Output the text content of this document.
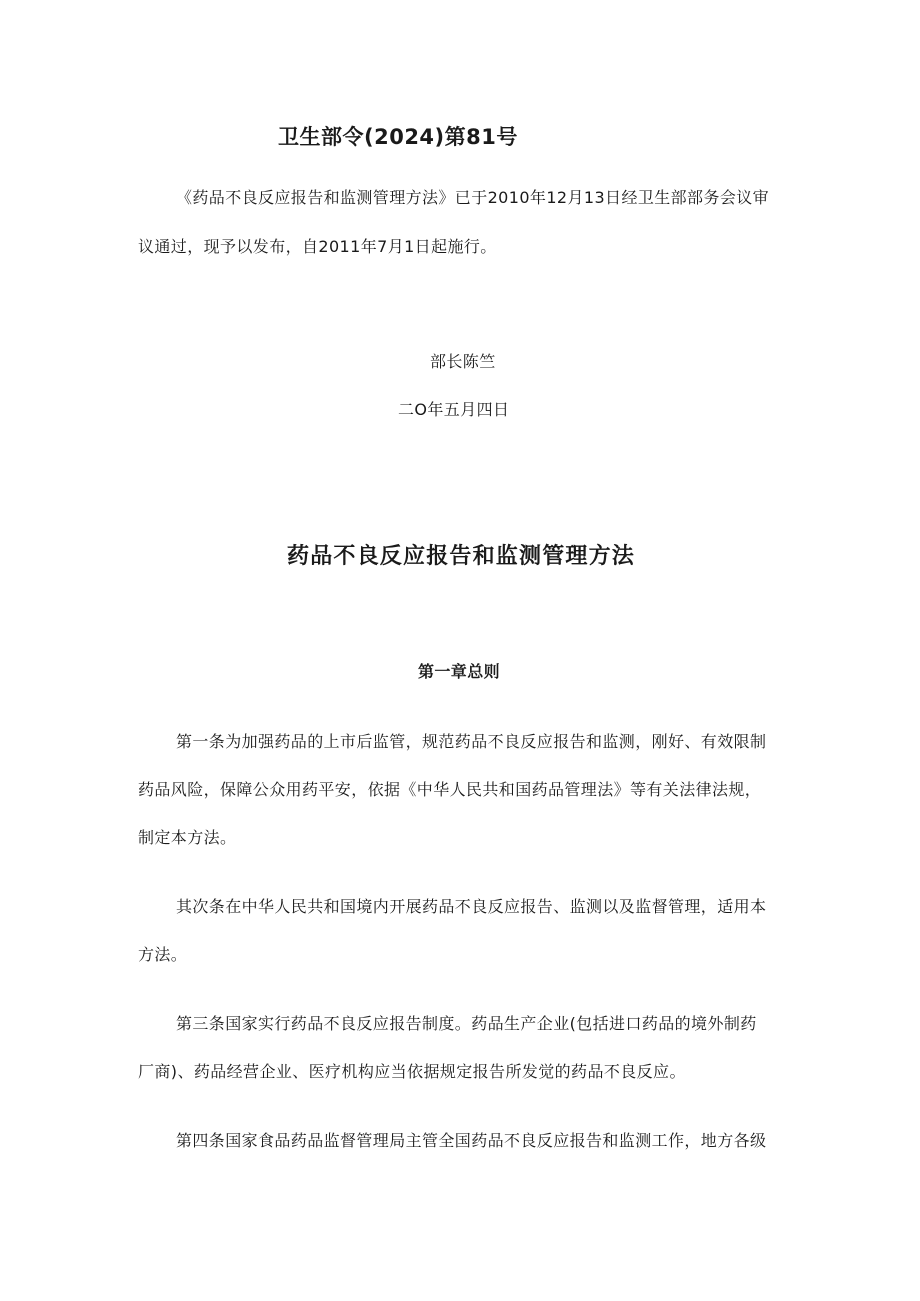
卫生部令(2024)第81号

《药品不良反应报告和监测管理方法》已于2010年12月13日经卫生部部务会议审

议通过，现予以发布，自2011年7月1日起施行。

部长陈竺

二O年五月四日

药品不良反应报告和监测管理方法
第一章总则

第一条为加强药品的上市后监管，规范药品不良反应报告和监测，刚好、有效限制

药品风险，保障公众用药平安，依据《中华人民共和国药品管理法》等有关法律法规，

制定本方法。

其次条在中华人民共和国境内开展药品不良反应报告、监测以及监督管理，适用本

方法。

第三条国家实行药品不良反应报告制度。药品生产企业(包括进口药品的境外制药

厂商)、药品经营企业、医疗机构应当依据规定报告所发觉的药品不良反应。

第四条国家食品药品监督管理局主管全国药品不良反应报告和监测工作，地方各级
